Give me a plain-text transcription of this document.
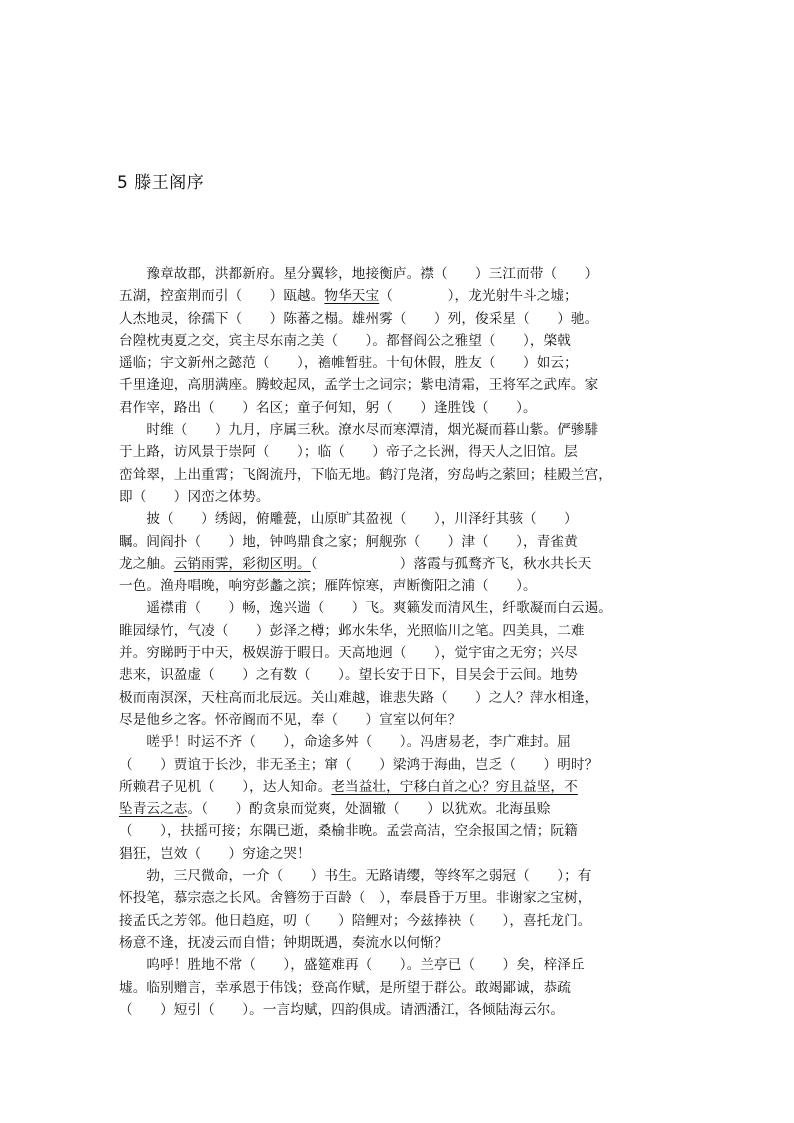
5 滕王阁序
　　豫章故郡，洪都新府。星分翼轸，地接衡庐。襟（　　）三江而带（　　）
五湖，控蛮荆而引（　　）瓯越。物华天宝（　　　　），龙光射牛斗之墟；
人杰地灵，徐孺下（　　）陈蕃之榻。雄州雾（　　）列，俊采星（　　）驰。
台隍枕夷夏之交，宾主尽东南之美（　　）。都督阎公之雅望（　　），棨戟
遥临；宇文新州之懿范（　　），襜帷暂驻。十旬休假，胜友（　　）如云；
千里逢迎，高朋满座。腾蛟起凤，孟学士之词宗；紫电清霜，王将军之武库。家
君作宰，路出（　　）名区；童子何知，躬（　　）逢胜饯（　　）。
　　时维（　　）九月，序属三秋。潦水尽而寒潭清，烟光凝而暮山紫。俨骖騑
于上路，访风景于崇阿（　　）；临（　　）帝子之长洲，得天人之旧馆。层
峦耸翠，上出重霄；飞阁流丹，下临无地。鹤汀凫渚，穷岛屿之萦回；桂殿兰宫，
即（　　）冈峦之体势。
　　披（　　）绣闼，俯雕甍，山原旷其盈视（　　），川泽纡其骇（　　）
瞩。闾阎扑（　　）地，钟鸣鼎食之家；舸舰弥（　　）津（　　），青雀黄
龙之舳。云销雨霁，彩彻区明。（　　　　　　）落霞与孤鹜齐飞，秋水共长天
一色。渔舟唱晚，响穷彭蠡之滨；雁阵惊寒，声断衡阳之浦（　　）。
　　遥襟甫（　　）畅，逸兴遄（　　）飞。爽籁发而清风生，纤歌凝而白云遏。
睢园绿竹，气凌（　　）彭泽之樽；邺水朱华，光照临川之笔。四美具，二难
并。穷睇眄于中天，极娱游于暇日。天高地迥（　　），觉宇宙之无穷；兴尽
悲来，识盈虚（　　）之有数（　　）。望长安于日下，目吴会于云间。地势
极而南溟深，天柱高而北辰远。关山难越，谁悲失路（　　）之人？萍水相逢，
尽是他乡之客。怀帝阍而不见，奉（　　）宣室以何年？
　　嗟乎！时运不齐（　　），命途多舛（　　）。冯唐易老，李广难封。屈
（　　）贾谊于长沙，非无圣主；窜（　　）梁鸿于海曲，岂乏（　　）明时？
所赖君子见机（　　），达人知命。老当益壮，宁移白首之心？穷且益坚，不
坠青云之志。（　　）酌贪泉而觉爽，处涸辙（　　）以犹欢。北海虽赊
（　　），扶摇可接；东隅已逝，桑榆非晚。孟尝高洁，空余报国之情；阮籍
猖狂，岂效（　　）穷途之哭！
　　勃，三尺微命，一介（　　）书生。无路请缨，等终军之弱冠（　　）；有
怀投笔，慕宗悫之长风。舍簪笏于百龄（　），奉晨昏于万里。非谢家之宝树，
接孟氏之芳邻。他日趋庭，叨（　　）陪鲤对；今兹捧袂（　　），喜托龙门。
杨意不逢，抚凌云而自惜；钟期既遇，奏流水以何惭？
　　呜呼！胜地不常（　　），盛筵难再（　　）。兰亭已（　　）矣，梓泽丘
墟。临别赠言，幸承恩于伟饯；登高作赋，是所望于群公。敢竭鄙诚，恭疏
（　　）短引（　　）。一言均赋，四韵俱成。请洒潘江，各倾陆海云尔。
